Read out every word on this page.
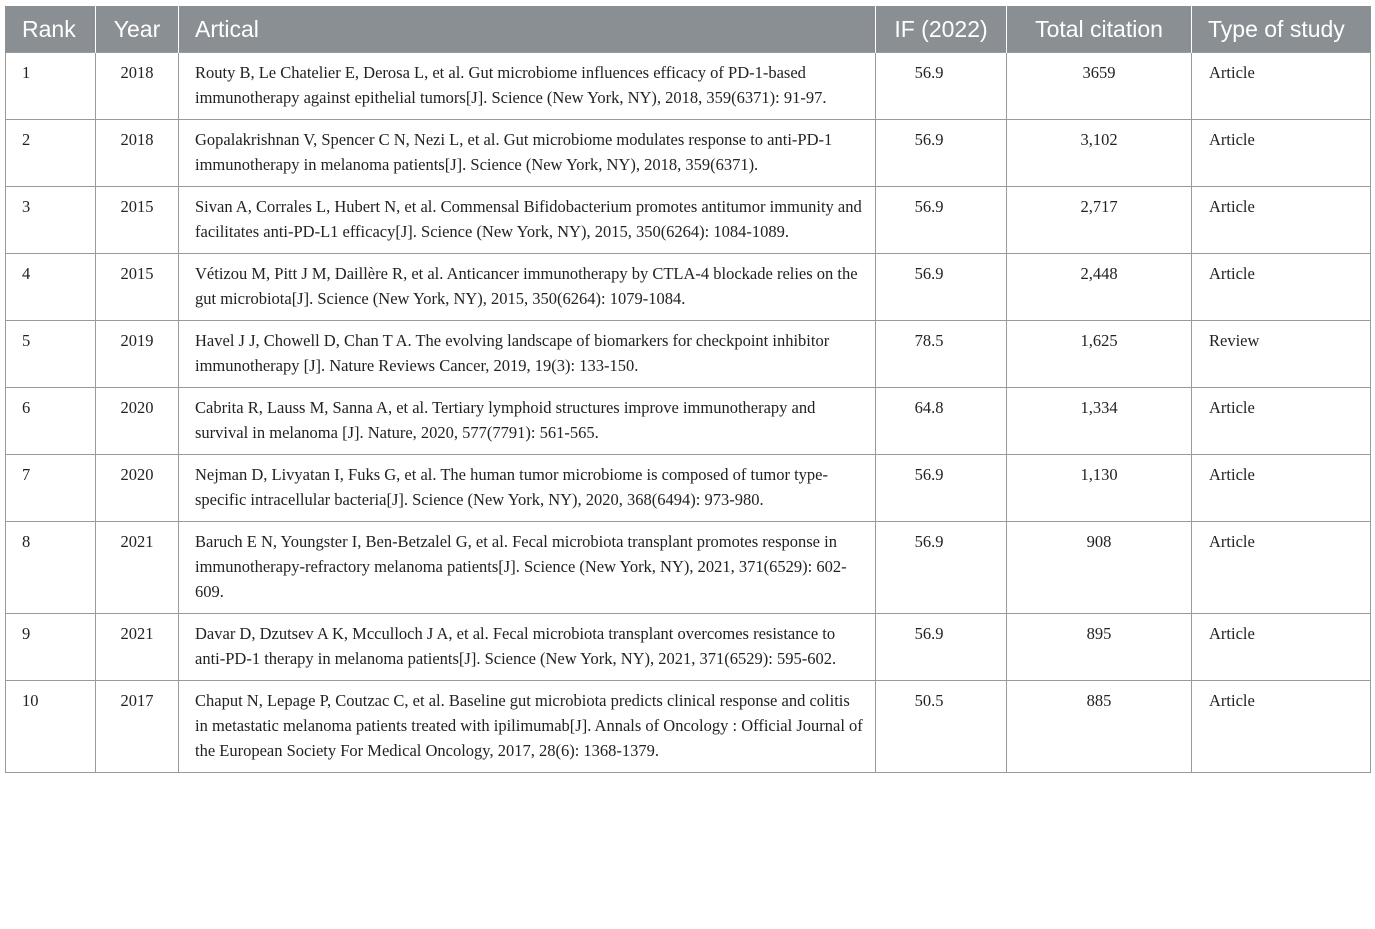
Rank	Year	Artical	IF (2022)	Total citation	Type of study
1	2018	Routy B, Le Chatelier E, Derosa L, et al. Gut microbiome influences efficacy of PD-1-based immunotherapy against epithelial tumors[J]. Science (New York, NY), 2018, 359(6371): 91-97.	56.9	3659	Article
2	2018	Gopalakrishnan V, Spencer C N, Nezi L, et al. Gut microbiome modulates response to anti-PD-1 immunotherapy in melanoma patients[J]. Science (New York, NY), 2018, 359(6371).	56.9	3,102	Article
3	2015	Sivan A, Corrales L, Hubert N, et al. Commensal Bifidobacterium promotes antitumor immunity and facilitates anti-PD-L1 efficacy[J]. Science (New York, NY), 2015, 350(6264): 1084-1089.	56.9	2,717	Article
4	2015	Vétizou M, Pitt J M, Daillère R, et al. Anticancer immunotherapy by CTLA-4 blockade relies on the gut microbiota[J]. Science (New York, NY), 2015, 350(6264): 1079-1084.	56.9	2,448	Article
5	2019	Havel J J, Chowell D, Chan T A. The evolving landscape of biomarkers for checkpoint inhibitor immunotherapy [J]. Nature Reviews Cancer, 2019, 19(3): 133-150.	78.5	1,625	Review
6	2020	Cabrita R, Lauss M, Sanna A, et al. Tertiary lymphoid structures improve immunotherapy and survival in melanoma [J]. Nature, 2020, 577(7791): 561-565.	64.8	1,334	Article
7	2020	Nejman D, Livyatan I, Fuks G, et al. The human tumor microbiome is composed of tumor type-specific intracellular bacteria[J]. Science (New York, NY), 2020, 368(6494): 973-980.	56.9	1,130	Article
8	2021	Baruch E N, Youngster I, Ben-Betzalel G, et al. Fecal microbiota transplant promotes response in immunotherapy-refractory melanoma patients[J]. Science (New York, NY), 2021, 371(6529): 602-609.	56.9	908	Article
9	2021	Davar D, Dzutsev A K, Mcculloch J A, et al. Fecal microbiota transplant overcomes resistance to anti-PD-1 therapy in melanoma patients[J]. Science (New York, NY), 2021, 371(6529): 595-602.	56.9	895	Article
10	2017	Chaput N, Lepage P, Coutzac C, et al. Baseline gut microbiota predicts clinical response and colitis in metastatic melanoma patients treated with ipilimumab[J]. Annals of Oncology : Official Journal of the European Society For Medical Oncology, 2017, 28(6): 1368-1379.	50.5	885	Article
